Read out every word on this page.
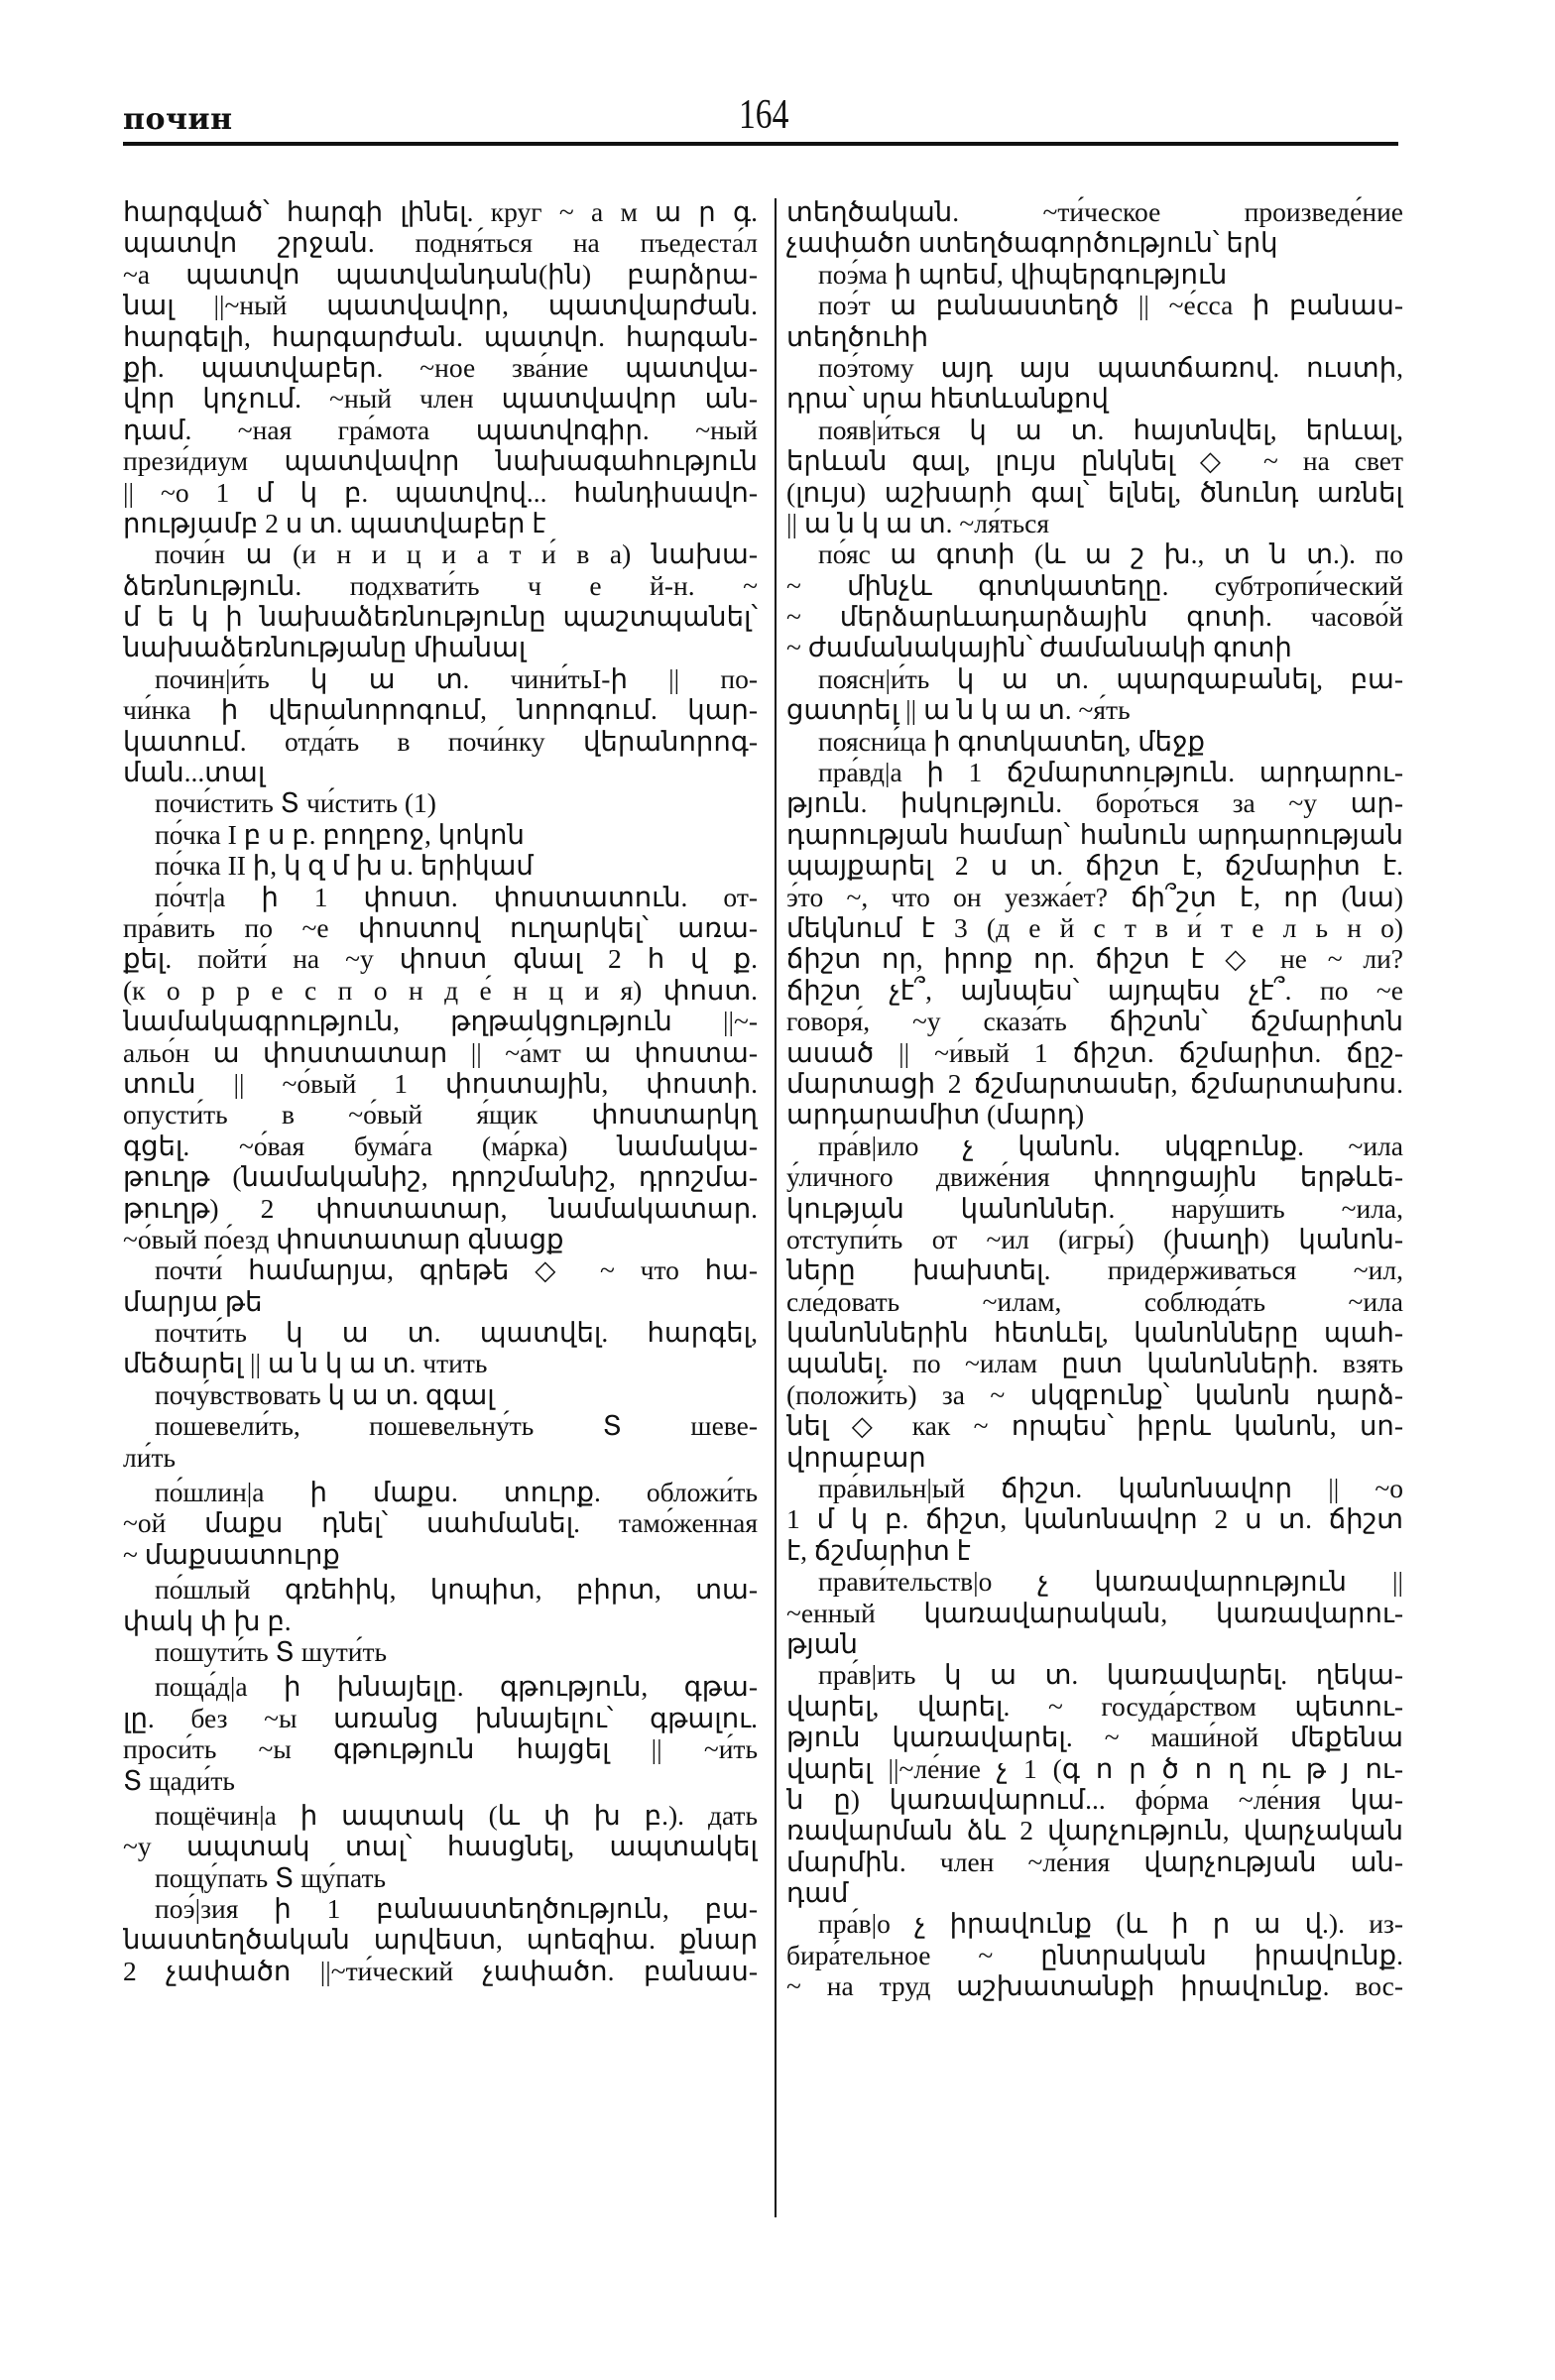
почин	164
հարգված՝ հարգի լինել. круг ~ а м ա ր գ.
պատվո շրջան. подня́ться на пъедеста́л
~а պատվո պատվանդան(ին) բարձրա-
նալ ||~ный պատվավոր, պատվարժան.
հարգելի, հարգարժան. պատվո. հարգան-
քի. պատվաբեր. ~ное зва́ние պատվա-
վոր կոչում. ~ный член պատվավոր ան-
դամ. ~ная гра́мота պատվոգիր. ~ный
прези́диум պատվավոր նախագահություն
|| ~о 1 մ կ բ. պատվով... հանդիսավո-
րությամբ 2 ս տ. պատվաբեր է
почи́н ա (и н и ц и а т и́ в а) նախա-
ձեռնություն. подхвати́ть ч е й-н. ~
մ ե կ ի նախաձեռնությունը պաշտպանել՝
նախաձեռնությանը միանալ
почин|и́ть կ ա տ. чини́тьI-ի || по-
чи́нка ի վերանորոգում, նորոգում. կար-
կատում. отда́ть в почи́нку վերանորոգ-
ման...տալ
почи́стить Տ чи́стить (1)
по́чка I բ ս բ. բողբոջ, կոկոն
по́чка II ի, կ զ մ խ ս. երիկամ
по́чт|а ի 1 փոստ. փոստատուն. от-
пра́вить по ~е փոստով ուղարկել՝ առա-
քել. пойти́ на ~у փոստ գնալ 2 հ վ ք.
(к о р р е с п о н д е́ н ц и я) փոստ.
նամակագրություն, թղթակցություն ||~-
альо́н ա փոստատար || ~а́мт ա փոստա-
տուն || ~о́вый 1 փոստային, փոստի.
опусти́ть в ~о́вый я́щик փոստարկղ
գցել. ~о́вая бума́га (ма́рка) նամակա-
թուղթ (նամականիշ, դրոշմանիշ, դրոշմա-
թուղթ) 2 փոստատար, նամակատար.
~о́вый по́езд փոստատար գնացք
почти́ համարյա, գրեթե ◇ ~ что հա-
մարյա թե
почти́ть կ ա տ. պատվել. հարգել,
մեծարել || ա ն կ ա տ. чтить
почу́вствовать կ ա տ. զգալ
пошевели́ть, пошевельну́ть Տ шеве-
ли́ть
по́шлин|а ի մաքս. տուրք. обложи́ть
~ой մաքս դնել՝ սահմանել. тамо́женная
~ մաքսատուրք
по́шлый գռեհիկ, կոպիտ, բիրտ, տա-
փակ փ խ բ.
пошути́ть Տ шути́ть
поща́д|а ի խնայելը. գթություն, գթա-
լը. без ~ы առանց խնայելու՝ գթալու.
проси́ть ~ы գթություն հայցել || ~и́ть
Տ щади́ть
пощёчин|а ի ապտակ (և փ խ բ.). дать
~у ապտակ տալ՝ հասցնել, ապտակել
пощу́пать Տ щу́пать
поэ́|зия ի 1 բանաստեղծություն, բա-
նաստեղծական արվեստ, պոեզիա. քնար
2 չափածո ||~ти́ческий չափածո. բանաս-
տեղծական. ~ти́ческое произведе́ние
չափածո ստեղծագործություն՝ երկ
поэ́ма ի պոեմ, վիպերգություն
поэ́т ա բանաստեղծ || ~е́сса ի բանաս-
տեղծուհի
поэ́тому այդ այս պատճառով. ուստի,
դրա՝ սրա հետևանքով
появ|и́ться կ ա տ. հայտնվել, երևալ,
երևան գալ, լույս ընկնել ◇ ~ на свет
(լույս) աշխարհ գալ՝ ելնել, ծնունդ առնել
|| ա ն կ ա տ. ~ля́ться
по́яс ա գոտի (և ա շ խ., տ ն տ.). по
~ մինչև գոտկատեղը. субтропи́ческий
~ մերձարևադարձային գոտի. часово́й
~ ժամանակային՝ ժամանակի գոտի
поясн|и́ть կ ա տ. պարզաբանել, բա-
ցատրել || ա ն կ ա տ. ~я́ть
поясни́ца ի գոտկատեղ, մեջք
пра́вд|а ի 1 ճշմարտություն. արդարու-
թյուն. իսկություն. боро́ться за ~у ար-
դարության համար՝ հանուն արդարության
պայքարել 2 ս տ. ճիշտ է, ճշմարիտ է.
э́то ~, что он уезжа́ет? ճի՞շտ է, որ (նա)
մեկնում է 3 (д е й с т в и́ т е л ь н о)
ճիշտ որ, իրոք որ. ճիշտ է ◇ не ~ ли?
ճիշտ չէ՞, այնպես՝ այդպես չէ՞. по ~е
говоря́, ~у сказа́ть ճիշտն՝ ճշմարիտն
ասած || ~и́вый 1 ճիշտ. ճշմարիտ. ճըշ-
մարտացի 2 ճշմարտասեր, ճշմարտախոս.
արդարամիտ (մարդ)
пра́в|ило չ կանոն. սկզբունք. ~ила
у́личного движе́ния փողոցային երթևե-
կության կանոններ. нару́шить ~ила,
отступи́ть от ~ил (игры́) (խաղի) կանոն-
ները խախտել. приде́рживаться ~ил,
сле́довать ~илам, соблюда́ть ~ила
կանոններին հետևել, կանոնները պահ-
պանել. по ~илам ըստ կանոնների. взять
(положи́ть) за ~ սկզբունք՝ կանոն դարձ-
նել ◇ как ~ որպես՝ իբրև կանոն, սո-
վորաբար
пра́вильн|ый ճիշտ. կանոնավոր || ~о
1 մ կ բ. ճիշտ, կանոնավոր 2 ս տ. ճիշտ
է, ճշմարիտ է
прави́тельств|о չ կառավարություն ||
~енный կառավարական, կառավարու-
թյան
пра́в|ить կ ա տ. կառավարել. ղեկա-
վարել, վարել. ~ госуда́рством պետու-
թյուն կառավարել. ~ маши́ной մեքենա
վարել ||~ле́ние չ 1 (գ ո ր ծ ո ղ ու թ յ ու-
ն ը) կառավարում... фо́рма ~ле́ния կա-
ռավարման ձև 2 վարչություն, վարչական
մարմին. член ~ле́ния վարչության ան-
դամ
пра́в|о չ իրավունք (և ի ր ա վ.). из-
бира́тельное ~ ընտրական իրավունք.
~ на труд աշխատանքի իրավունք. вос-
